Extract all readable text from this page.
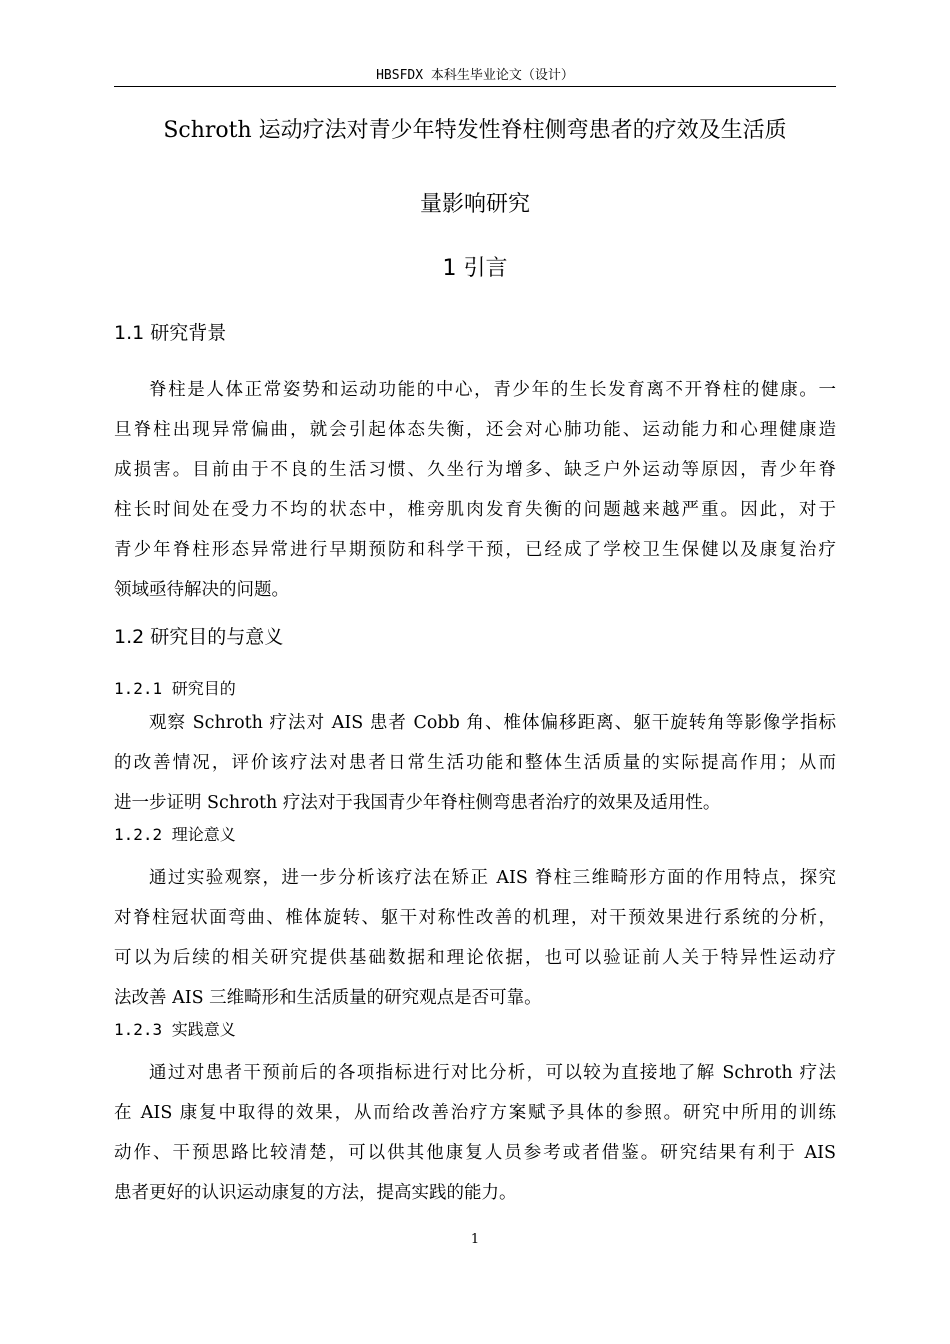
HBSFDX 本科生毕业论文（设计）
Schroth 运动疗法对青少年特发性脊柱侧弯患者的疗效及生活质
量影响研究
1 引言
1.1 研究背景
脊柱是人体正常姿势和运动功能的中心，青少年的生长发育离不开脊柱的健康。一
旦脊柱出现异常偏曲，就会引起体态失衡，还会对心肺功能、运动能力和心理健康造
成损害。目前由于不良的生活习惯、久坐行为增多、缺乏户外运动等原因，青少年脊
柱长时间处在受力不均的状态中，椎旁肌肉发育失衡的问题越来越严重。因此，对于
青少年脊柱形态异常进行早期预防和科学干预，已经成了学校卫生保健以及康复治疗
领域亟待解决的问题。
1.2 研究目的与意义
1.2.1 研究目的
观察 Schroth 疗法对 AIS 患者 Cobb 角、椎体偏移距离、躯干旋转角等影像学指标
的改善情况，评价该疗法对患者日常生活功能和整体生活质量的实际提高作用；从而
进一步证明 Schroth 疗法对于我国青少年脊柱侧弯患者治疗的效果及适用性。
1.2.2 理论意义
通过实验观察，进一步分析该疗法在矫正 AIS 脊柱三维畸形方面的作用特点，探究
对脊柱冠状面弯曲、椎体旋转、躯干对称性改善的机理，对干预效果进行系统的分析，
可以为后续的相关研究提供基础数据和理论依据，也可以验证前人关于特异性运动疗
法改善 AIS 三维畸形和生活质量的研究观点是否可靠。
1.2.3 实践意义
通过对患者干预前后的各项指标进行对比分析，可以较为直接地了解 Schroth 疗法
在 AIS 康复中取得的效果，从而给改善治疗方案赋予具体的参照。研究中所用的训练
动作、干预思路比较清楚，可以供其他康复人员参考或者借鉴。研究结果有利于 AIS
患者更好的认识运动康复的方法，提高实践的能力。
1
